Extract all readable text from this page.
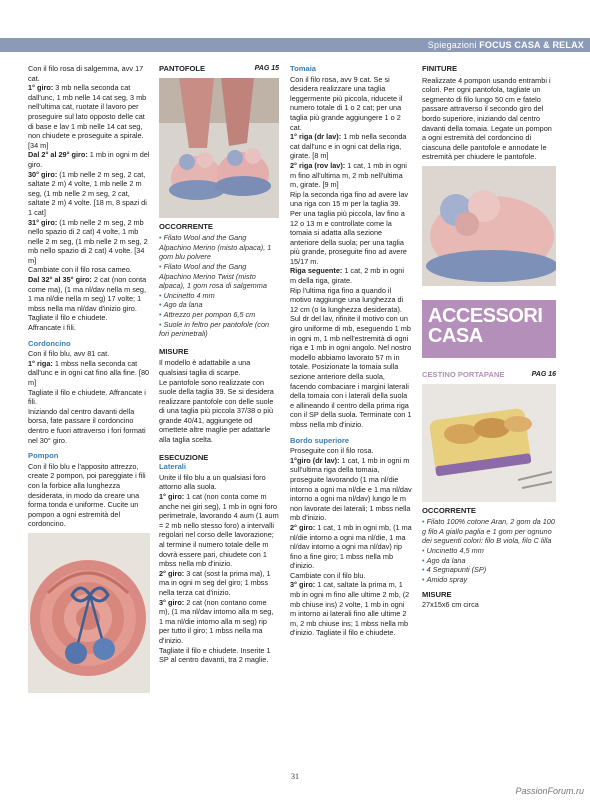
Spiegazioni FOCUS CASA & RELAX
Con il filo rosa di salgemma, avv 17 cat.
1° giro: 3 mb nella seconda cat dall'unc, 1 mb nelle 14 cat seg, 3 mb nell'ultima cat, ruotate il lavoro per proseguire sul lato opposto delle cat di base e lav 1 mb nelle 14 cat seg, non chiudete e proseguite a spirale. [34 m]
Dal 2° al 29° giro: 1 mb in ogni m del giro.
30° giro: (1 mb nelle 2 m seg, 2 cat, saltate 2 m) 4 volte, 1 mb nelle 2 m seg, (1 mb nelle 2 m seg, 2 cat, saltate 2 m) 4 volte. [18 m, 8 spazi di 1 cat]
31° giro: (1 mb nelle 2 m seg, 2 mb nello spazio di 2 cat) 4 volte, 1 mb nelle 2 m seg, (1 mb nelle 2 m seg, 2 mb nello spazio di 2 cat) 4 volte. [34 m]
Cambiate con il filo rosa cameo.
Dal 32° al 35° giro: 2 cat (non conta come ma), (1 ma nl/dav nella m seg, 1 ma nl/die nella m seg) 17 volte; 1 mbss nella ma nl/dav d'inizio giro.
Tagliate il filo e chiudete.
Affrancate i fili.
Cordoncino
Con il filo blu, avv 81 cat.
1° riga: 1 mbss nella seconda cat dall'unc e in ogni cat fino alla fine. [80 m]
Tagliate il filo e chiudete. Affrancate i fili.
Iniziando dal centro davanti della borsa, fate passare il cordoncino dentro e fuori attraverso i fori formati nel 30° giro.
Pompon
Con il filo blu e l'apposito attrezzo, create 2 pompon, poi pareggiate i fili con la forbice alla lunghezza desiderata, in modo da creare una forma tonda e uniforme. Cucite un pompon a ogni estremità del cordoncino.
PANTOFOLE	PAG 15
OCCORRENTE
• Filato Wool and the Gang Alpachino Merino (misto alpaca), 1 gom blu polvere
• Filato Wool and the Gang Alpachino Merino Twist (misto alpaca), 1 gom rosa di salgemma
• Uncinetto 4 mm
• Ago da lana
• Attrezzo per pompon 6,5 cm
• Suole in feltro per pantofole (con fori perimetrali)
MISURE
Il modello è adattabile a una qualsiasi taglia di scarpe.
Le pantofole sono realizzate con suole della taglia 39. Se si desidera realizzare pantofole con delle suole di una taglia più piccola 37/38 o più grande 40/41, aggiungete od omettete altre maglie per adattarle alla taglia scelta.
ESECUZIONE
Laterali
Unite il filo blu a un qualsiasi foro attorno alla suola.
1° giro: 1 cat (non conta come m anche nei giri seg), 1 mb in ogni foro perimetrale, lavorando 4 aum (1 aum = 2 mb nello stesso foro) a intervalli regolari nel corso delle lavorazione; al termine il numero totale delle m dovrà essere pari, chiudete con 1 mbss nella mb d'inizio.
2° giro: 3 cat (sost la prima ma), 1 ma in ogni m seg del giro; 1 mbss nella terza cat d'inizio.
3° giro: 2 cat (non contano come m), (1 ma nl/dav intorno alla m seg, 1 ma nl/die intorno alla m seg) rip per tutto il giro; 1 mbss nella ma d'inizio.
Tagliate il filo e chiudete. Inserite 1 SP al centro davanti, tra 2 maglie.
Tomaia
Con il filo rosa, avv 9 cat. Se si desidera realizzare una taglia leggermente più piccola, riducete il numero totale di 1 o 2 cat; per una taglia più grande aggiungere 1 o 2 cat.
1° riga (dr lav): 1 mb nella seconda cat dall'unc e in ogni cat della riga, girate. [8 m]
2° riga (rov lav): 1 cat, 1 mb in ogni m fino all'ultima m, 2 mb nell'ultima m, girate. [9 m]
Rip la seconda riga fino ad avere lav una riga con 15 m per la taglia 39. Per una taglia più piccola, lav fino a 12 o 13 m e controllate come la tomaia si adatta alla sezione anteriore della suola; per una taglia più grande, proseguite fino ad avere 15/17 m.
Riga seguente: 1 cat, 2 mb in ogni m della riga, girate.
Rip l'ultima riga fino a quando il motivo raggiunge una lunghezza di 12 cm (o la lunghezza desiderata).
Sul dr del lav, rifinite il motivo con un giro uniforme di mb, eseguendo 1 mb in ogni m, 1 mb nell'estremità di ogni riga e 1 mb in ogni angolo. Nel nostro modello abbiamo lavorato 57 m in totale. Posizionate la tomaia sulla sezione anteriore della suola, facendo combaciare i margini laterali della tomaia con i laterali della suola e allineando il centro della prima riga con il SP della suola. Terminate con 1 mbss nella mb d'inizio.
Bordo superiore
Proseguite con il filo rosa.
1°giro (dr lav): 1 cat, 1 mb in ogni m sull'ultima riga della tomaia, proseguite lavorando (1 ma nl/die intorno a ogni ma nl/die e 1 ma nl/dav intorno a ogni ma nl/dav) lungo le m non lavorate dei laterali; 1 mbss nella mb d'inizio.
2° giro: 1 cat, 1 mb in ogni mb, (1 ma nl/die intorno a ogni ma nl/die, 1 ma nl/dav intorno a ogni ma nl/dav) rip fino a fine giro; 1 mbss nella mb d'inizio.
Cambiate con il filo blu.
3° giro: 1 cat, saltate la prima m, 1 mb in ogni m fino alle ultime 2 mb, (2 mb chiuse ins) 2 volte, 1 mb in ogni m intorno ai laterali fino alle ultime 2 m, 2 mb chiuse ins; 1 mbss nella mb d'inizio. Tagliate il filo e chiudete.
FINITURE
Realizzate 4 pompon usando entrambi i colori. Per ogni pantofola, tagliate un segmento di filo lungo 50 cm e fatelo passare attraverso il secondo giro del bordo superiore, iniziando dal centro davanti della tomaia. Legate un pompon a ogni estremità del cordoncino di ciascuna delle pantofole e annodate le estremità per chiudere le pantofole.
ACCESSORI
CASA
CESTINO PORTAPANE	PAG 16
OCCORRENTE
• Filato 100% cotone Aran, 2 gom da 100 g filo A giallo paglia e 1 gom per ognuno dei seguenti colori: filo B viola, filo C lilla
• Uncinetto 4,5 mm
• Ago da lana
• 4 Segnapunti (SP)
• Amido spray
MISURE
27x15x6 cm circa
31
PassionForum.ru
